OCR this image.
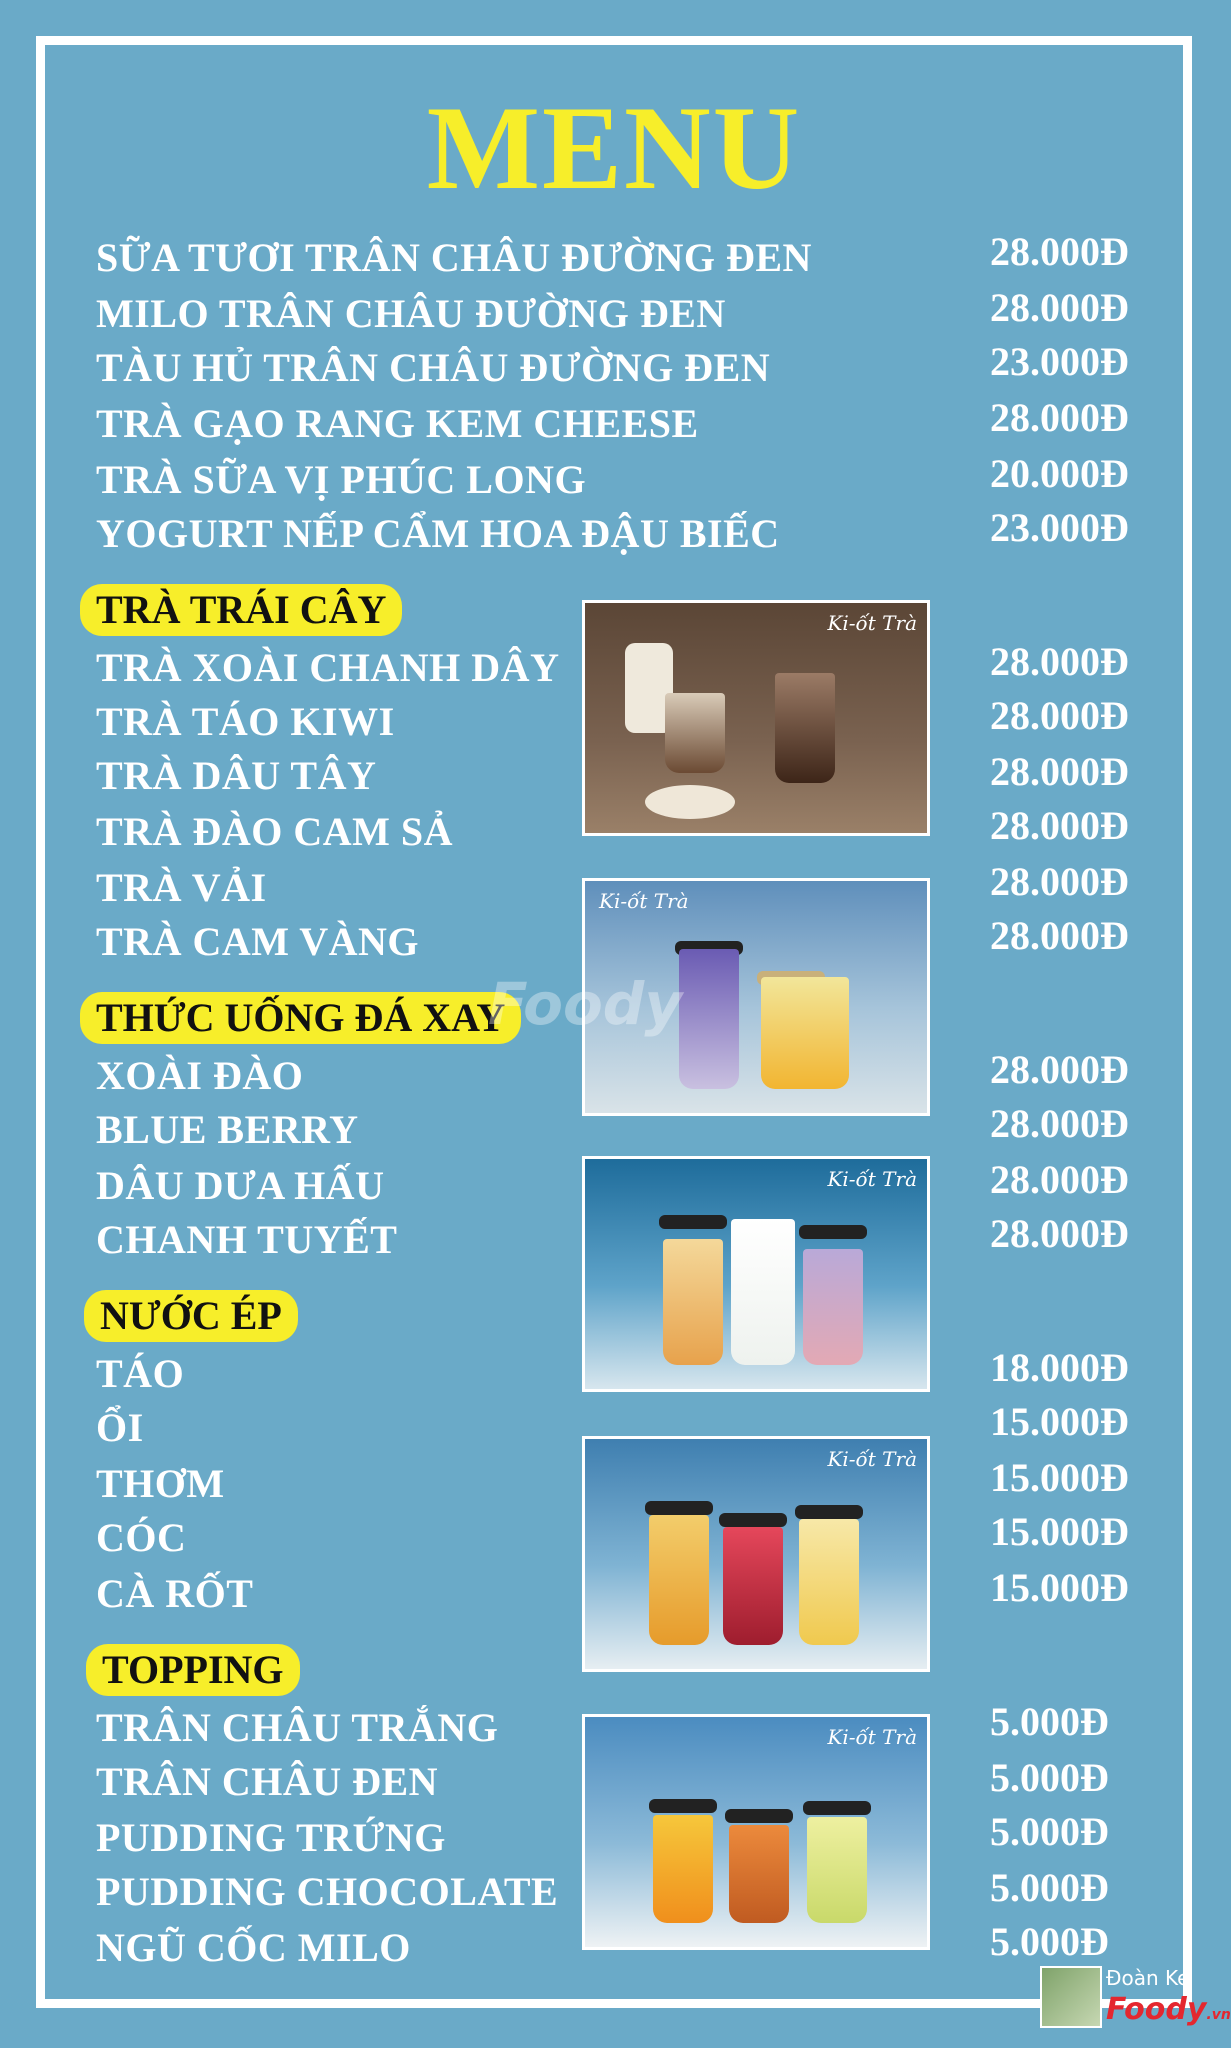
MENU
SỮA TƯƠI TRÂN CHÂU ĐƯỜNG ĐEN	28.000Đ
MILO TRÂN CHÂU ĐƯỜNG ĐEN	28.000Đ
TÀU HỦ TRÂN CHÂU ĐƯỜNG ĐEN	23.000Đ
TRÀ GẠO RANG KEM CHEESE	28.000Đ
TRÀ SỮA VỊ PHÚC LONG	20.000Đ
YOGURT NẾP CẨM HOA ĐẬU BIẾC	23.000Đ
TRÀ TRÁI CÂY
TRÀ XOÀI CHANH DÂY	28.000Đ
TRÀ TÁO KIWI	28.000Đ
TRÀ DÂU TÂY	28.000Đ
TRÀ ĐÀO CAM SẢ	28.000Đ
TRÀ VẢI	28.000Đ
TRÀ CAM VÀNG	28.000Đ
THỨC UỐNG ĐÁ XAY
XOÀI ĐÀO	28.000Đ
BLUE BERRY	28.000Đ
DÂU DƯA HẤU	28.000Đ
CHANH TUYẾT	28.000Đ
NƯỚC ÉP
TÁO	18.000Đ
ỔI	15.000Đ
THƠM	15.000Đ
CÓC	15.000Đ
CÀ RỐT	15.000Đ
TOPPING
TRÂN CHÂU TRẮNG	5.000Đ
TRÂN CHÂU ĐEN	5.000Đ
PUDDING TRỨNG	5.000Đ
PUDDING CHOCOLATE	5.000Đ
NGŨ CỐC MILO	5.000Đ
Ki-ốt Trà
Ki-ốt Trà
Ki-ốt Trà
Ki-ốt Trà
Ki-ốt Trà
Foody
Đoàn Ke
Foody.vn
